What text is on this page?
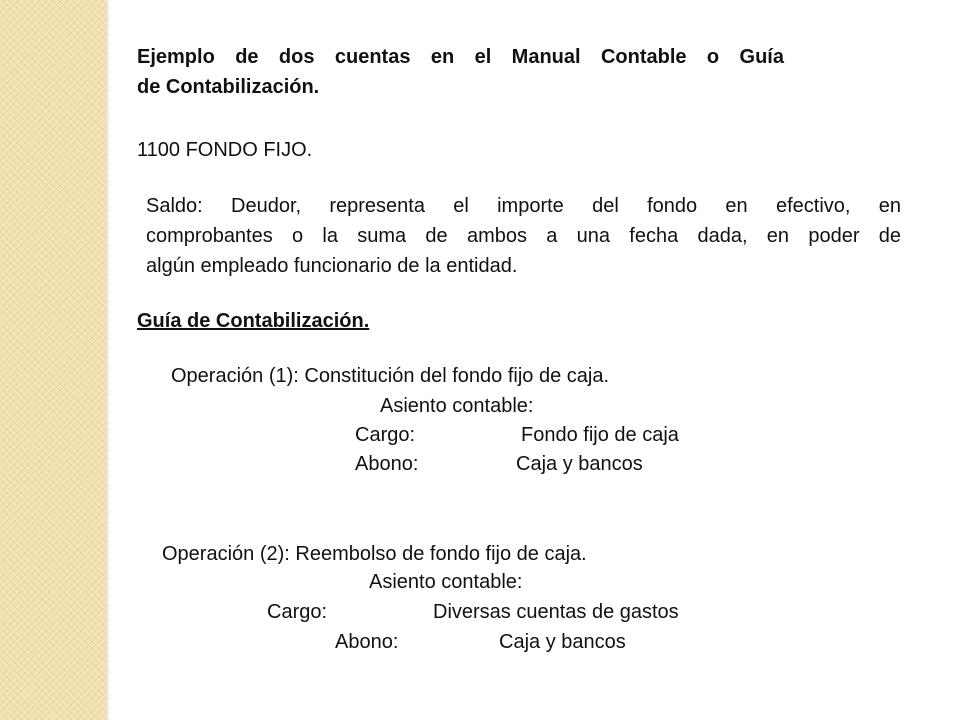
Ejemplo de dos cuentas en el Manual Contable o Guía

de Contabilización.

1100 FONDO FIJO.

Saldo: Deudor, representa el importe del fondo en efectivo, en

comprobantes o la suma de ambos a una fecha dada, en poder de

algún empleado funcionario de la entidad.

Guía de Contabilización.

Operación (1): Constitución del fondo fijo de caja.

Asiento contable:

Cargo:	Fondo fijo de caja

Abono:	Caja y bancos

Operación (2): Reembolso de fondo fijo de caja.

Asiento contable:

Cargo:	Diversas cuentas de gastos

Abono:	Caja y bancos
